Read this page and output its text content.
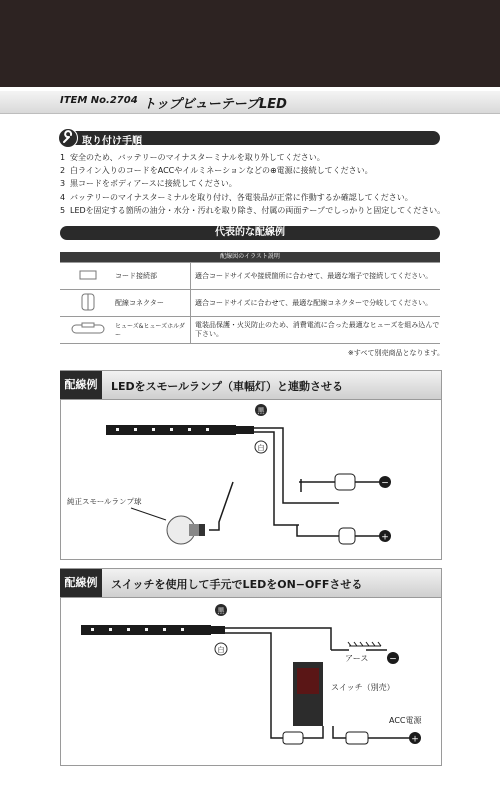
ITEM No.2704 トップビューテープLED
取り付け手順
1 安全のため、バッテリーのマイナスターミナルを取り外してください。
2 白ライン入りのコードをACCやイルミネーションなどの⊕電源に接続してください。
3 黒コードをボディアースに接続してください。
4 バッテリーのマイナスターミナルを取り付け、各電装品が正常に作動するか確認してください。
5 LEDを固定する箇所の油分・水分・汚れを取り除き、付属の両面テープでしっかりと固定してください。
代表的な配線例
配線図のイラスト説明
	コード接続部	適合コードサイズや接続箇所に合わせて、最適な端子で接続してください。
	配線コネクター	適合コードサイズに合わせて、最適な配線コネクターで分岐してください。
	ヒューズ&ヒューズホルダー	電装品保護・火災防止のため、消費電流に合った最適なヒューズを組み込んで下さい。
※すべて別売商品となります。
配線例	LEDをスモールランプ（車幅灯）と連動させる
黒
白
−
+
純正スモールランプ球
配線例	スイッチを使用して手元でLEDをON−OFFさせる
アース −
スイッチ（別売）
ACC電源
+
黒
白
